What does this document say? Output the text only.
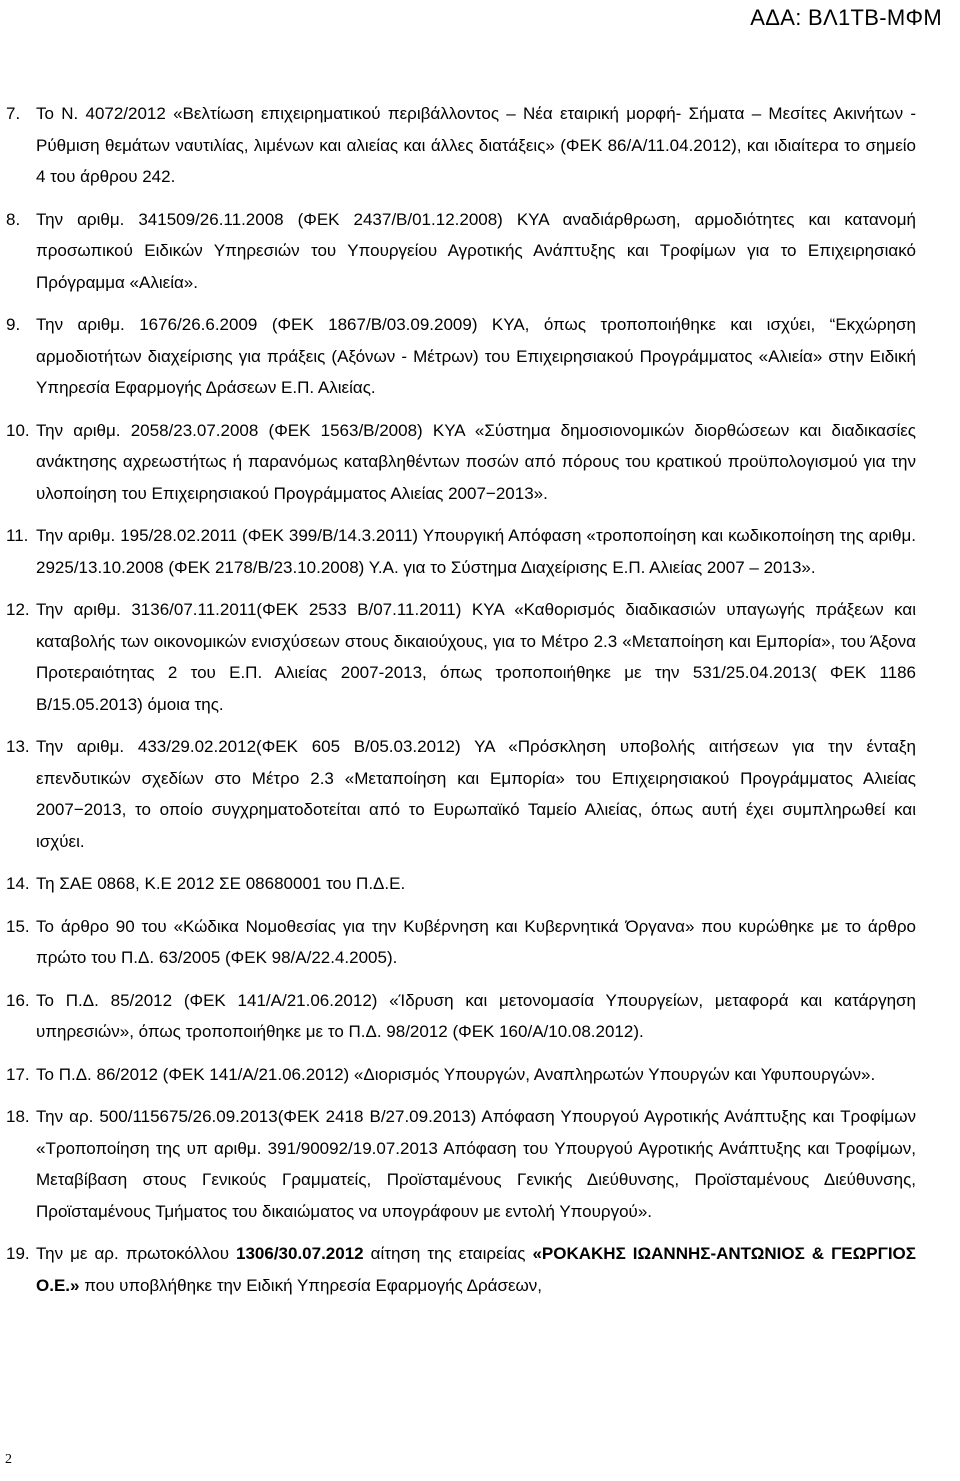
ΑΔΑ: ΒΛ1ΤΒ-ΜΦΜ
7. Το Ν. 4072/2012 «Βελτίωση επιχειρηματικού περιβάλλοντος – Νέα εταιρική μορφή- Σήματα – Μεσίτες Ακινήτων - Ρύθμιση θεμάτων ναυτιλίας, λιμένων και αλιείας και άλλες διατάξεις» (ΦΕΚ 86/Α/11.04.2012), και ιδιαίτερα το σημείο 4 του άρθρου 242.
8. Την αριθμ. 341509/26.11.2008 (ΦΕΚ 2437/Β/01.12.2008) ΚΥΑ αναδιάρθρωση, αρμοδιότητες και κατανομή προσωπικού Ειδικών Υπηρεσιών του Υπουργείου Αγροτικής Ανάπτυξης και Τροφίμων για το Επιχειρησιακό Πρόγραμμα «Αλιεία».
9. Την αριθμ. 1676/26.6.2009 (ΦΕΚ 1867/Β/03.09.2009) ΚΥΑ, όπως τροποποιήθηκε και ισχύει, “Εκχώρηση αρμοδιοτήτων διαχείρισης για πράξεις (Αξόνων - Μέτρων) του Επιχειρησιακού Προγράμματος «Αλιεία» στην Ειδική Υπηρεσία Εφαρμογής Δράσεων Ε.Π. Αλιείας.
10. Την αριθμ. 2058/23.07.2008 (ΦΕΚ 1563/Β/2008) ΚΥΑ «Σύστημα δημοσιονομικών διορθώσεων και διαδικασίες ανάκτησης αχρεωστήτως ή παρανόμως καταβληθέντων ποσών από πόρους του κρατικού προϋπολογισμού για την υλοποίηση του Επιχειρησιακού Προγράμματος Αλιείας 2007−2013».
11. Την αριθμ. 195/28.02.2011 (ΦΕΚ 399/Β/14.3.2011) Υπουργική Απόφαση «τροποποίηση και κωδικοποίηση της αριθμ. 2925/13.10.2008 (ΦΕΚ 2178/Β/23.10.2008) Υ.Α. για το Σύστημα Διαχείρισης Ε.Π. Αλιείας 2007 – 2013».
12. Την αριθμ. 3136/07.11.2011(ΦΕΚ 2533 Β/07.11.2011) ΚΥΑ «Καθορισμός διαδικασιών υπαγωγής πράξεων και καταβολής των οικονομικών ενισχύσεων στους δικαιούχους, για το Μέτρο 2.3 «Μεταποίηση και Εμπορία», του Άξονα Προτεραιότητας 2 του Ε.Π. Αλιείας 2007-2013, όπως τροποποιήθηκε με την 531/25.04.2013( ΦΕΚ 1186 Β/15.05.2013) όμοια της.
13. Την αριθμ. 433/29.02.2012(ΦΕΚ 605 Β/05.03.2012) ΥΑ «Πρόσκληση υποβολής αιτήσεων για την ένταξη επενδυτικών σχεδίων στο Μέτρο 2.3 «Μεταποίηση και Εμπορία» του Επιχειρησιακού Προγράμματος Αλιείας 2007−2013, το οποίο συγχρηματοδοτείται από το Ευρωπαϊκό Ταμείο Αλιείας, όπως αυτή έχει συμπληρωθεί και ισχύει.
14. Τη ΣΑΕ 0868, Κ.Ε 2012 ΣΕ 08680001 του Π.Δ.Ε.
15. Το άρθρο 90 του «Κώδικα Νομοθεσίας για την Κυβέρνηση και Κυβερνητικά Όργανα» που κυρώθηκε με το άρθρο πρώτο του Π.Δ. 63/2005 (ΦΕΚ 98/Α/22.4.2005).
16. Το Π.Δ. 85/2012 (ΦΕΚ 141/Α/21.06.2012) «Ίδρυση και μετονομασία Υπουργείων, μεταφορά και κατάργηση υπηρεσιών», όπως τροποποιήθηκε με το Π.Δ. 98/2012 (ΦΕΚ 160/Α/10.08.2012).
17. Το Π.Δ. 86/2012 (ΦΕΚ 141/Α/21.06.2012) «Διορισμός Υπουργών, Αναπληρωτών Υπουργών και Υφυπουργών».
18. Την αρ. 500/115675/26.09.2013(ΦΕΚ 2418 Β/27.09.2013) Απόφαση Υπουργού Αγροτικής Ανάπτυξης και Τροφίμων «Τροποποίηση της υπ αριθμ. 391/90092/19.07.2013 Απόφαση του Υπουργού Αγροτικής Ανάπτυξης και Τροφίμων, Μεταβίβαση στους Γενικούς Γραμματείς, Προϊσταμένους Γενικής Διεύθυνσης, Προϊσταμένους Διεύθυνσης, Προϊσταμένους Τμήματος του δικαιώματος να υπογράφουν με εντολή Υπουργού».
19. Την με αρ. πρωτοκόλλου 1306/30.07.2012 αίτηση της εταιρείας «ΡΟΚΑΚΗΣ ΙΩΑΝΝΗΣ-ΑΝΤΩΝΙΟΣ & ΓΕΩΡΓΙΟΣ Ο.Ε.» που υποβλήθηκε την Ειδική Υπηρεσία Εφαρμογής Δράσεων,
2
